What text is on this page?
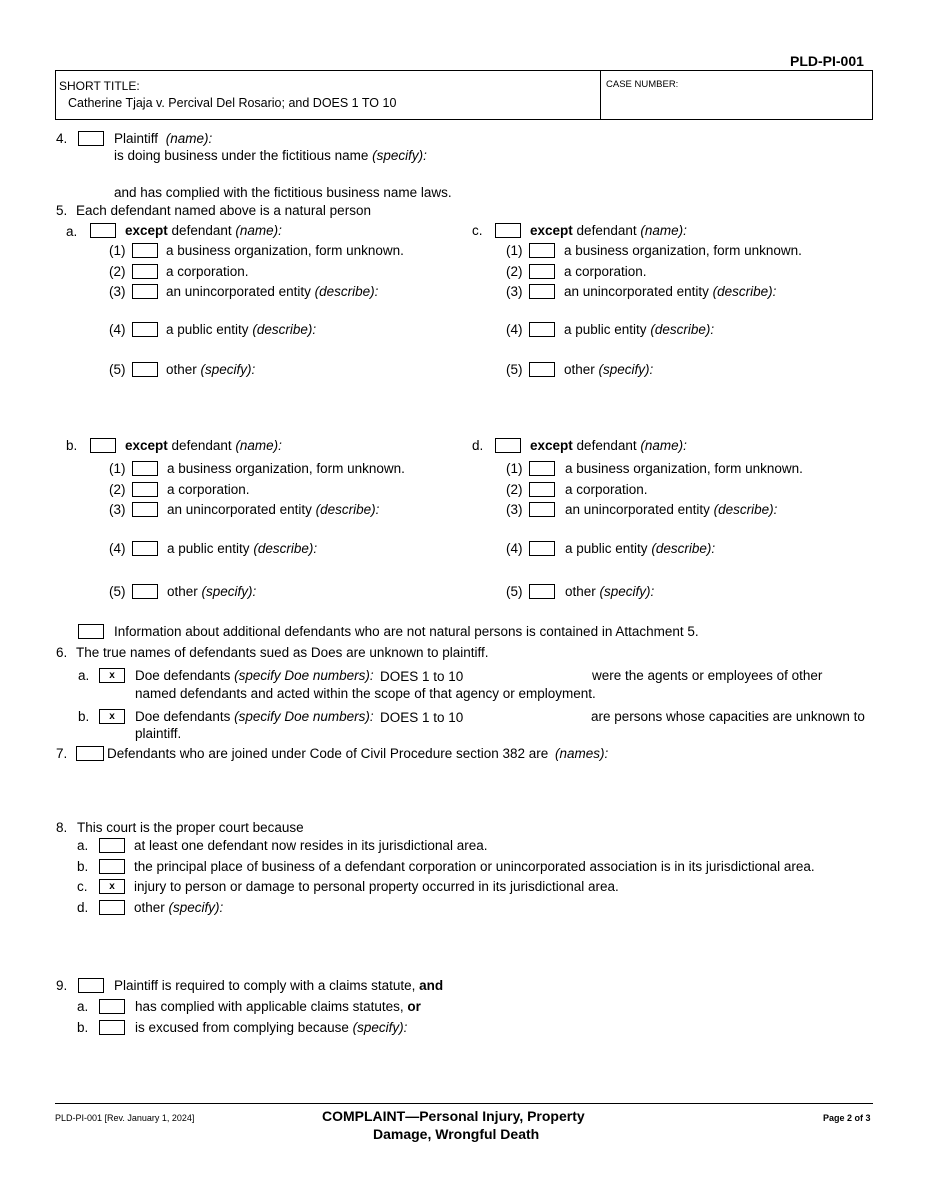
PLD-PI-001
SHORT TITLE:
Catherine Tjaja v. Percival Del Rosario; and DOES 1 TO 10
CASE NUMBER:
4.	Plaintiff (name):
is doing business under the fictitious name (specify):
and has complied with the fictitious business name laws.
5. Each defendant named above is a natural person
a.	except defendant (name):
(1)	a business organization, form unknown.
(2)	a corporation.
(3)	an unincorporated entity (describe):
(4)	a public entity (describe):
(5)	other (specify):
c.	except defendant (name):
(1)	a business organization, form unknown.
(2)	a corporation.
(3)	an unincorporated entity (describe):
(4)	a public entity (describe):
(5)	other (specify):
b.	except defendant (name):
(1)	a business organization, form unknown.
(2)	a corporation.
(3)	an unincorporated entity (describe):
(4)	a public entity (describe):
(5)	other (specify):
d.	except defendant (name):
(1)	a business organization, form unknown.
(2)	a corporation.
(3)	an unincorporated entity (describe):
(4)	a public entity (describe):
(5)	other (specify):
Information about additional defendants who are not natural persons is contained in Attachment 5.
6. The true names of defendants sued as Does are unknown to plaintiff.
a.	x	Doe defendants (specify Doe numbers): DOES 1 to 10	were the agents or employees of other
named defendants and acted within the scope of that agency or employment.
b.	x	Doe defendants (specify Doe numbers): DOES 1 to 10	are persons whose capacities are unknown to
plaintiff.
7.	Defendants who are joined under Code of Civil Procedure section 382 are (names):
8. This court is the proper court because
a.	at least one defendant now resides in its jurisdictional area.
b.	the principal place of business of a defendant corporation or unincorporated association is in its jurisdictional area.
c.	x	injury to person or damage to personal property occurred in its jurisdictional area.
d.	other (specify):
9.	Plaintiff is required to comply with a claims statute, and
a.	has complied with applicable claims statutes, or
b.	is excused from complying because (specify):
PLD-PI-001 [Rev. January 1, 2024]	COMPLAINT—Personal Injury, Property
Damage, Wrongful Death
Page 2 of 3
